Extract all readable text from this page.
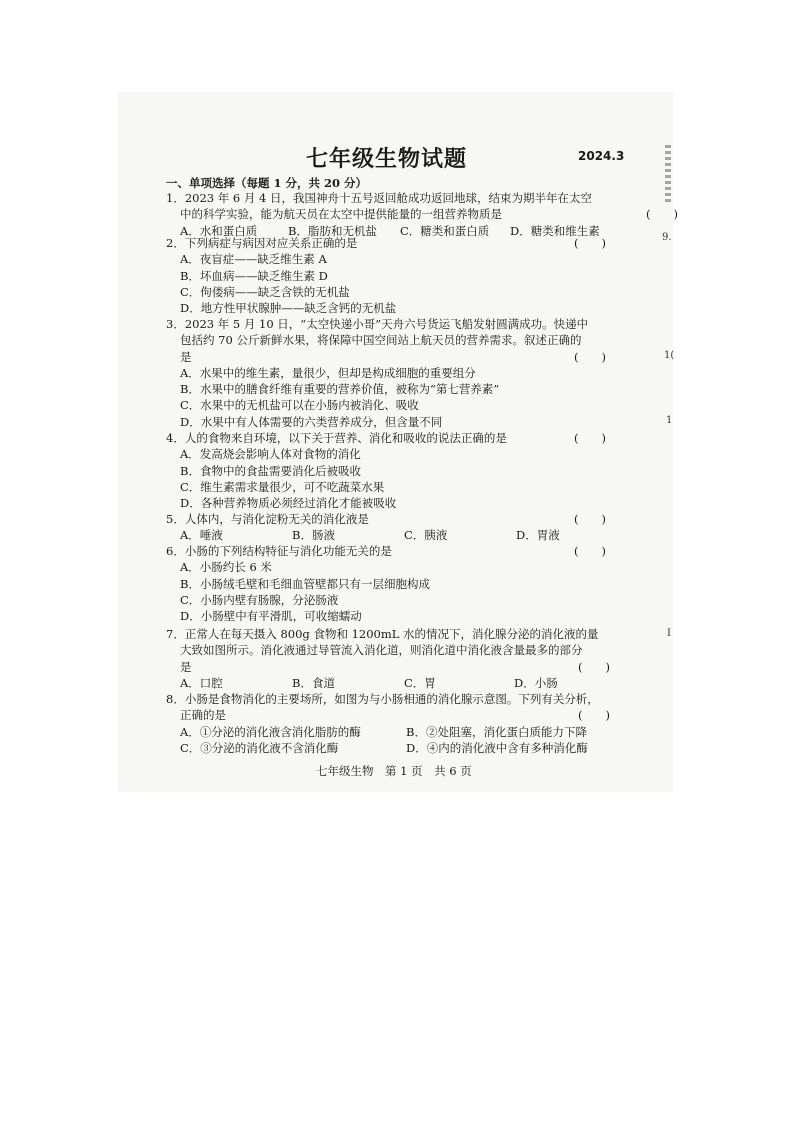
七年级生物试题	2024.3
一、单项选择（每题 1 分，共 20 分）
1．2023 年 6 月 4 日，我国神舟十五号返回舱成功返回地球，结束为期半年在太空
中的科学实验，能为航天员在太空中提供能量的一组营养物质是	(　　)
A．水和蛋白质	B．脂肪和无机盐	C．糖类和蛋白质	D．糖类和维生素
2．下列病症与病因对应关系正确的是	(　　)
A．夜盲症——缺乏维生素 A
B．坏血病——缺乏维生素 D
C．佝偻病——缺乏含铁的无机盐
D．地方性甲状腺肿——缺乏含钙的无机盐
3．2023 年 5 月 10 日，“太空快递小哥”天舟六号货运飞船发射圆满成功。快递中
包括约 70 公斤新鲜水果，将保障中国空间站上航天员的营养需求。叙述正确的
是	(　　)
A．水果中的维生素，量很少，但却是构成细胞的重要组分
B．水果中的膳食纤维有重要的营养价值，被称为“第七营养素”
C．水果中的无机盐可以在小肠内被消化、吸收
D．水果中有人体需要的六类营养成分，但含量不同
4．人的食物来自环境，以下关于营养、消化和吸收的说法正确的是	(　　)
A．发高烧会影响人体对食物的消化
B．食物中的食盐需要消化后被吸收
C．维生素需求量很少，可不吃蔬菜水果
D．各种营养物质必须经过消化才能被吸收
5．人体内，与消化淀粉无关的消化液是	(　　)
A．唾液	B．肠液	C．胰液	D．胃液
6．小肠的下列结构特征与消化功能无关的是	(　　)
A．小肠约长 6 米
B．小肠绒毛壁和毛细血管壁都只有一层细胞构成
C．小肠内壁有肠腺，分泌肠液
D．小肠壁中有平滑肌，可收缩蠕动
7．正常人在每天摄入 800g 食物和 1200mL 水的情况下，消化腺分泌的消化液的量
大致如图所示。消化液通过导管流入消化道，则消化道中消化液含量最多的部分
是	(　　)
A．口腔	B．食道	C．胃	D．小肠
8．小肠是食物消化的主要场所，如图为与小肠相通的消化腺示意图。下列有关分析，
正确的是	(　　)
A．①分泌的消化液含消化脂肪的酶	B．②处阻塞，消化蛋白质能力下降
C．③分泌的消化液不含消化酶	D．④内的消化液中含有多种消化酶
七年级生物　第 1 页　共 6 页
9.
1(
1
I
